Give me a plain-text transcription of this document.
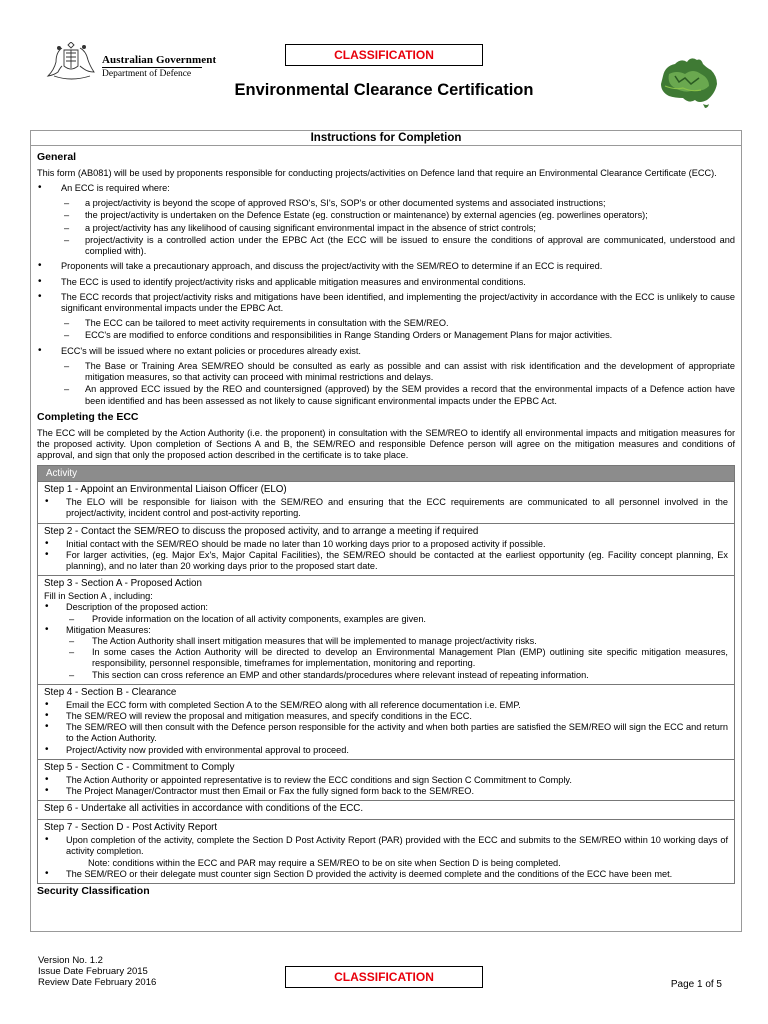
Australian Government
Department of Defence
CLASSIFICATION
Environmental Clearance Certification
Instructions for Completion
General
This form (AB081) will be used by proponents responsible for conducting projects/activities on Defence land that require an Environmental Clearance Certificate (ECC).
• An ECC is required where:
– a project/activity is beyond the scope of approved RSO's, SI's, SOP's or other documented systems and associated instructions;
– the project/activity is undertaken on the Defence Estate (eg. construction or maintenance) by external agencies (eg. powerlines operators);
– a project/activity has any likelihood of causing significant environmental impact in the absence of strict controls;
– project/activity is a controlled action under the EPBC Act (the ECC will be issued to ensure the conditions of approval are communicated, understood and complied with).
• Proponents will take a precautionary approach, and discuss the project/activity with the SEM/REO to determine if an ECC is required.
• The ECC is used to identify project/activity risks and applicable mitigation measures and environmental conditions.
• The ECC records that project/activity risks and mitigations have been identified, and implementing the project/activity in accordance with the ECC is unlikely to cause significant environmental impacts under the EPBC Act.
– The ECC can be tailored to meet activity requirements in consultation with the SEM/REO.
– ECC's are modified to enforce conditions and responsibilities in Range Standing Orders or Management Plans for major activities.
• ECC's will be issued where no extant policies or procedures already exist.
– The Base or Training Area SEM/REO should be consulted as early as possible and can assist with risk identification and the development of appropriate mitigation measures, so that activity can proceed with minimal restrictions and delays.
– An approved ECC issued by the REO and countersigned (approved) by the SEM provides a record that the environmental impacts of a Defence action have been identified and has been assessed as not likely to cause significant environmental impacts under the EPBC Act.
Completing the ECC
The ECC will be completed by the Action Authority (i.e. the proponent) in consultation with the SEM/REO to identify all environmental impacts and mitigation measures for the proposed activity. Upon completion of Sections A and B, the SEM/REO and responsible Defence person will agree on the mitigation measures and conditions of approval, and sign that only the proposed action described in the certificate is to take place.
Activity
Step 1 - Appoint an Environmental Liaison Officer (ELO)
• The ELO will be responsible for liaison with the SEM/REO and ensuring that the ECC requirements are communicated to all personnel involved in the project/activity, incident control and post-activity reporting.
Step 2 - Contact the SEM/REO to discuss the proposed activity, and to arrange a meeting if required
• Initial contact with the SEM/REO should be made no later than 10 working days prior to a proposed activity if possible.
• For larger activities, (eg. Major Ex's, Major Capital Facilities), the SEM/REO should be contacted at the earliest opportunity (eg. Facility concept planning, Ex planning), and no later than 20 working days prior to the proposed start date.
Step 3 - Section A - Proposed Action
Fill in Section A , including:
• Description of the proposed action:
– Provide information on the location of all activity components, examples are given.
• Mitigation Measures:
– The Action Authority shall insert mitigation measures that will be implemented to manage project/activity risks.
– In some cases the Action Authority will be directed to develop an Environmental Management Plan (EMP) outlining site specific mitigation measures, responsibility, personnel responsible, timeframes for implementation, monitoring and reporting.
– This section can cross reference an EMP and other standards/procedures where relevant instead of repeating information.
Step 4 - Section B - Clearance
• Email the ECC form with completed Section A to the SEM/REO along with all reference documentation i.e. EMP.
• The SEM/REO will review the proposal and mitigation measures, and specify conditions in the ECC.
• The SEM/REO will then consult with the Defence person responsible for the activity and when both parties are satisfied the SEM/REO will sign the ECC and return to the Action Authority.
• Project/Activity now provided with environmental approval to proceed.
Step 5 - Section C - Commitment to Comply
• The Action Authority or appointed representative is to review the ECC conditions and sign Section C Commitment to Comply.
• The Project Manager/Contractor must then Email or Fax the fully signed form back to the SEM/REO.
Step 6 - Undertake all activities in accordance with conditions of the ECC.
Step 7 - Section D - Post Activity Report
• Upon completion of the activity, complete the Section D Post Activity Report (PAR) provided with the ECC and submits to the SEM/REO within 10 working days of activity completion.
Note: conditions within the ECC and PAR may require a SEM/REO to be on site when Section D is being completed.
• The SEM/REO or their delegate must counter sign Section D provided the activity is deemed complete and the conditions of the ECC have been met.
Security Classification
Version No. 1.2
Issue Date February 2015
Review Date February 2016	CLASSIFICATION
Page 1 of 5
